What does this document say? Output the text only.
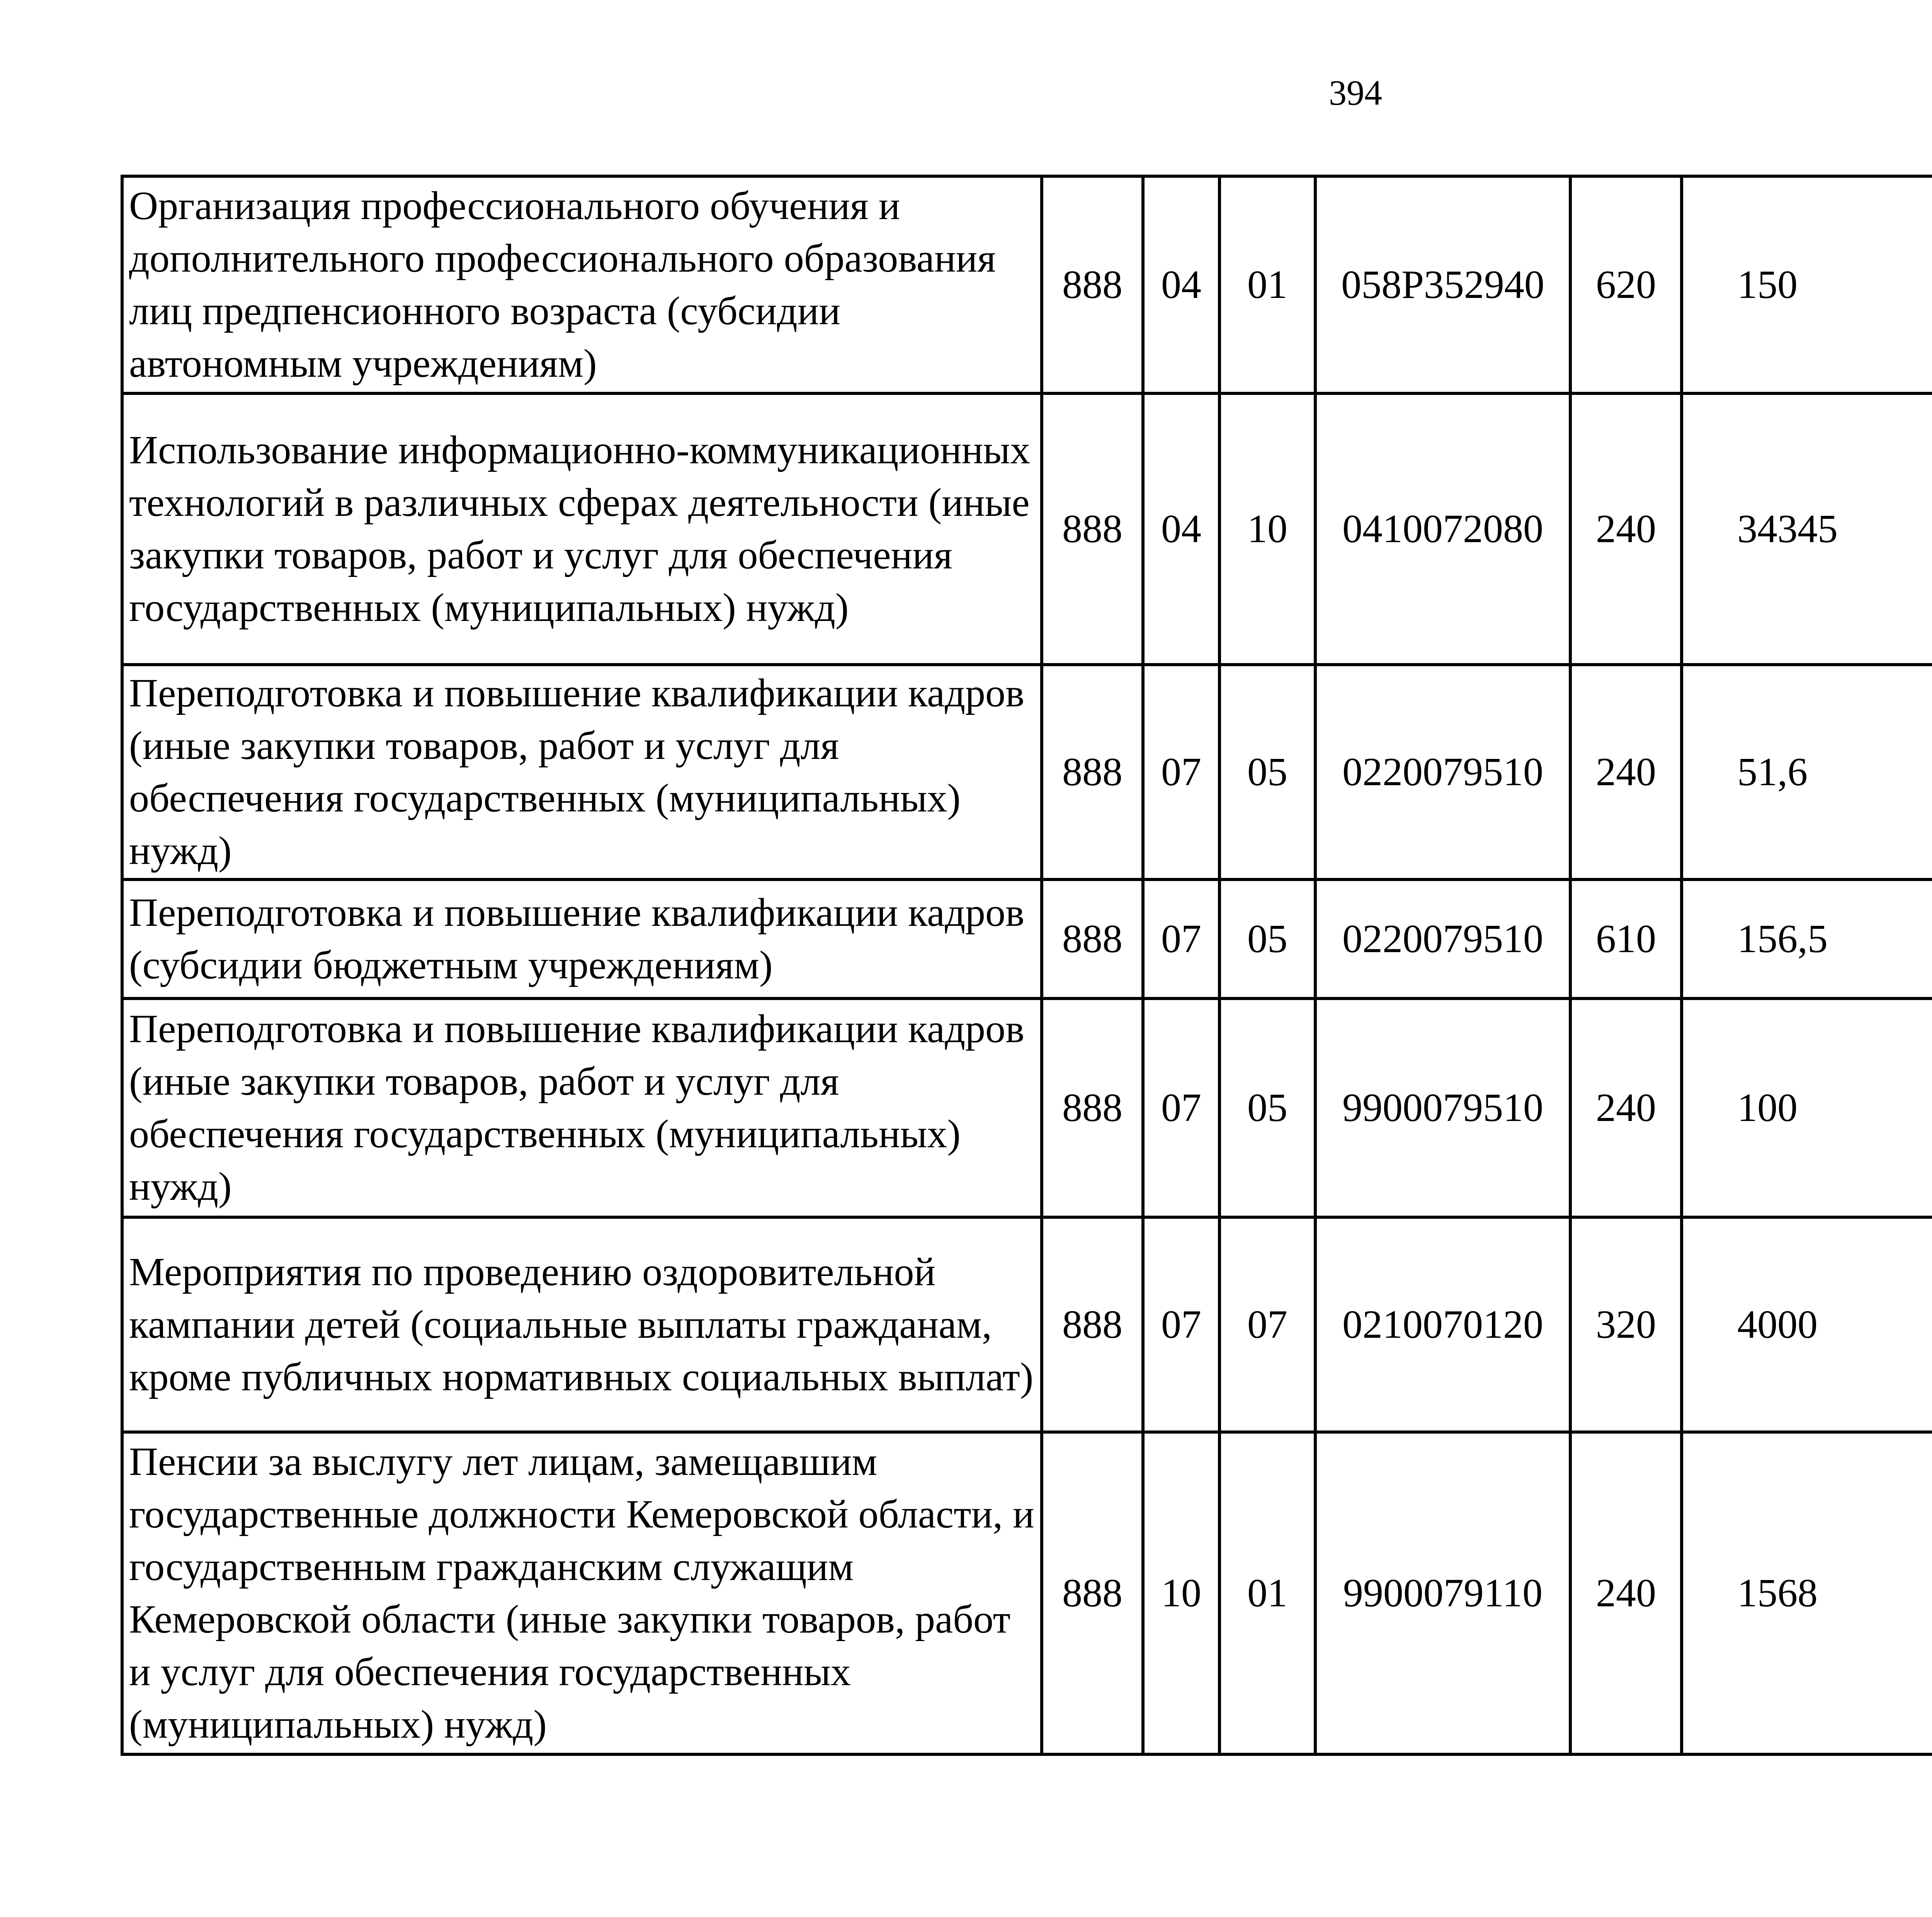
394
Организация профессионального обучения и дополнительного профессионального образования лиц предпенсионного возраста (субсидии автономным учреждениям)	888	04	01	058P352940	620	150		
Использование информационно-коммуникационных технологий в различных сферах деятельности (иные закупки товаров, работ и услуг для обеспечения государственных (муниципальных) нужд)	888	04	10	0410072080	240	34345		
Переподготовка и повышение квалификации кадров (иные закупки товаров, работ и услуг для обеспечения государственных (муниципальных) нужд)	888	07	05	0220079510	240	51,6		
Переподготовка и повышение квалификации кадров (субсидии бюджетным учреждениям)	888	07	05	0220079510	610	156,5		
Переподготовка и повышение квалификации кадров (иные закупки товаров, работ и услуг для обеспечения государственных (муниципальных) нужд)	888	07	05	9900079510	240	100		
Мероприятия по проведению оздоровительной кампании детей (социальные выплаты гражданам, кроме публичных нормативных социальных выплат)	888	07	07	0210070120	320	4000		
Пенсии за выслугу лет лицам, замещавшим государственные должности Кемеровской области, и государственным гражданским служащим Кемеровской области (иные закупки товаров, работ и услуг для обеспечения государственных (муниципальных) нужд)	888	10	01	9900079110	240	1568		
